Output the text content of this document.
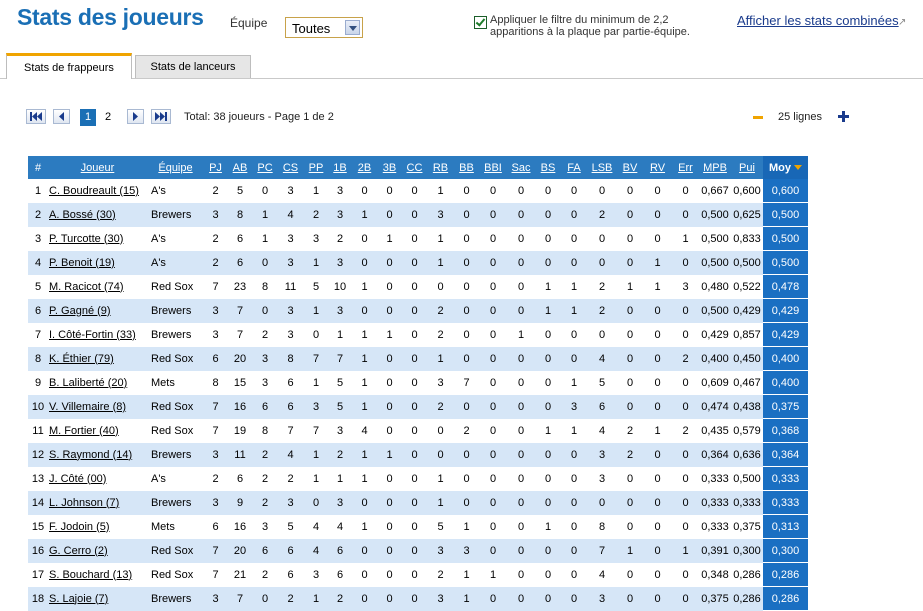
Stats des joueurs Équipe Toutes
Appliquer le filtre du minimum de 2,2 apparitions à la plaque par partie-équipe.
Afficher les stats combinées ↗
Stats de frappeurs	Stats de lanceurs
1	2	Total: 38 joueurs - Page 1 de 2	25 lignes
#	Joueur	Équipe	PJ	AB	PC	CS	PP	1B	2B	3B	CC	RB	BB	BBI	Sac	BS	FA	LSB	BV	RV	Err	MPB	Pui	Moy
1	C. Boudreault (15)	A's	2	5	0	3	1	3	0	0	0	1	0	0	0	0	0	0	0	0	0	0,667	0,600	0,600
2	A. Bossé (30)	Brewers	3	8	1	4	2	3	1	0	0	3	0	0	0	0	0	2	0	0	0	0,500	0,625	0,500
3	P. Turcotte (30)	A's	2	6	1	3	3	2	0	1	0	1	0	0	0	0	0	0	0	0	1	0,500	0,833	0,500
4	P. Benoit (19)	A's	2	6	0	3	1	3	0	0	0	1	0	0	0	0	0	0	0	1	0	0,500	0,500	0,500
5	M. Racicot (74)	Red Sox	7	23	8	11	5	10	1	0	0	0	0	0	0	1	1	2	1	1	3	0,480	0,522	0,478
6	P. Gagné (9)	Brewers	3	7	0	3	1	3	0	0	0	2	0	0	0	1	1	2	0	0	0	0,500	0,429	0,429
7	I. Côté-Fortin (33)	Brewers	3	7	2	3	0	1	1	1	0	2	0	0	1	0	0	0	0	0	0	0,429	0,857	0,429
8	K. Éthier (79)	Red Sox	6	20	3	8	7	7	1	0	0	1	0	0	0	0	0	4	0	0	2	0,400	0,450	0,400
9	B. Laliberté (20)	Mets	8	15	3	6	1	5	1	0	0	3	7	0	0	0	1	5	0	0	0	0,609	0,467	0,400
10	V. Villemaire (8)	Red Sox	7	16	6	6	3	5	1	0	0	2	0	0	0	0	3	6	0	0	0	0,474	0,438	0,375
11	M. Fortier (40)	Red Sox	7	19	8	7	7	3	4	0	0	0	2	0	0	1	1	4	2	1	2	0,435	0,579	0,368
12	S. Raymond (14)	Brewers	3	11	2	4	1	2	1	1	0	0	0	0	0	0	0	3	2	0	0	0,364	0,636	0,364
13	J. Côté (00)	A's	2	6	2	2	1	1	1	0	0	1	0	0	0	0	0	3	0	0	0	0,333	0,500	0,333
14	L. Johnson (7)	Brewers	3	9	2	3	0	3	0	0	0	1	0	0	0	0	0	0	0	0	0	0,333	0,333	0,333
15	F. Jodoin (5)	Mets	6	16	3	5	4	4	1	0	0	5	1	0	0	1	0	8	0	0	0	0,333	0,375	0,313
16	G. Cerro (2)	Red Sox	7	20	6	6	4	6	0	0	0	3	3	0	0	0	0	7	1	0	1	0,391	0,300	0,300
17	S. Bouchard (13)	Red Sox	7	21	2	6	3	6	0	0	0	2	1	1	0	0	0	4	0	0	0	0,348	0,286	0,286
18	S. Lajoie (7)	Brewers	3	7	0	2	1	2	0	0	0	3	1	0	0	0	0	3	0	0	0	0,375	0,286	0,286
